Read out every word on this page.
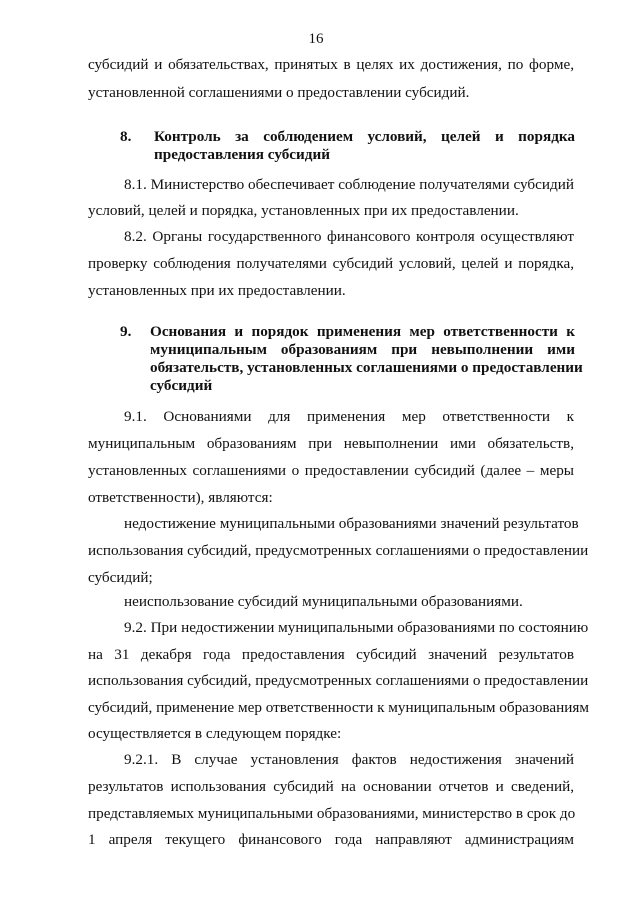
16
субсидий и обязательствах, принятых в целях их достижения, по форме,
установленной соглашениями о предоставлении субсидий.
8. Контроль за соблюдением условий, целей и порядка
предоставления субсидий
8.1. Министерство обеспечивает соблюдение получателями субсидий
условий, целей и порядка, установленных при их предоставлении.
8.2. Органы государственного финансового контроля осуществляют
проверку соблюдения получателями субсидий условий, целей и порядка,
установленных при их предоставлении.
9. Основания и порядок применения мер ответственности к
муниципальным образованиям при невыполнении ими
обязательств, установленных соглашениями о предоставлении
субсидий
9.1. Основаниями для применения мер ответственности к
муниципальным образованиям при невыполнении ими обязательств,
установленных соглашениями о предоставлении субсидий (далее – меры
ответственности), являются:
недостижение муниципальными образованиями значений результатов
использования субсидий, предусмотренных соглашениями о предоставлении
субсидий;
неиспользование субсидий муниципальными образованиями.
9.2. При недостижении муниципальными образованиями по состоянию
на 31 декабря года предоставления субсидий значений результатов
использования субсидий, предусмотренных соглашениями о предоставлении
субсидий, применение мер ответственности к муниципальным образованиям
осуществляется в следующем порядке:
9.2.1. В случае установления фактов недостижения значений
результатов использования субсидий на основании отчетов и сведений,
представляемых муниципальными образованиями, министерство в срок до
1 апреля текущего финансового года направляют администрациям
